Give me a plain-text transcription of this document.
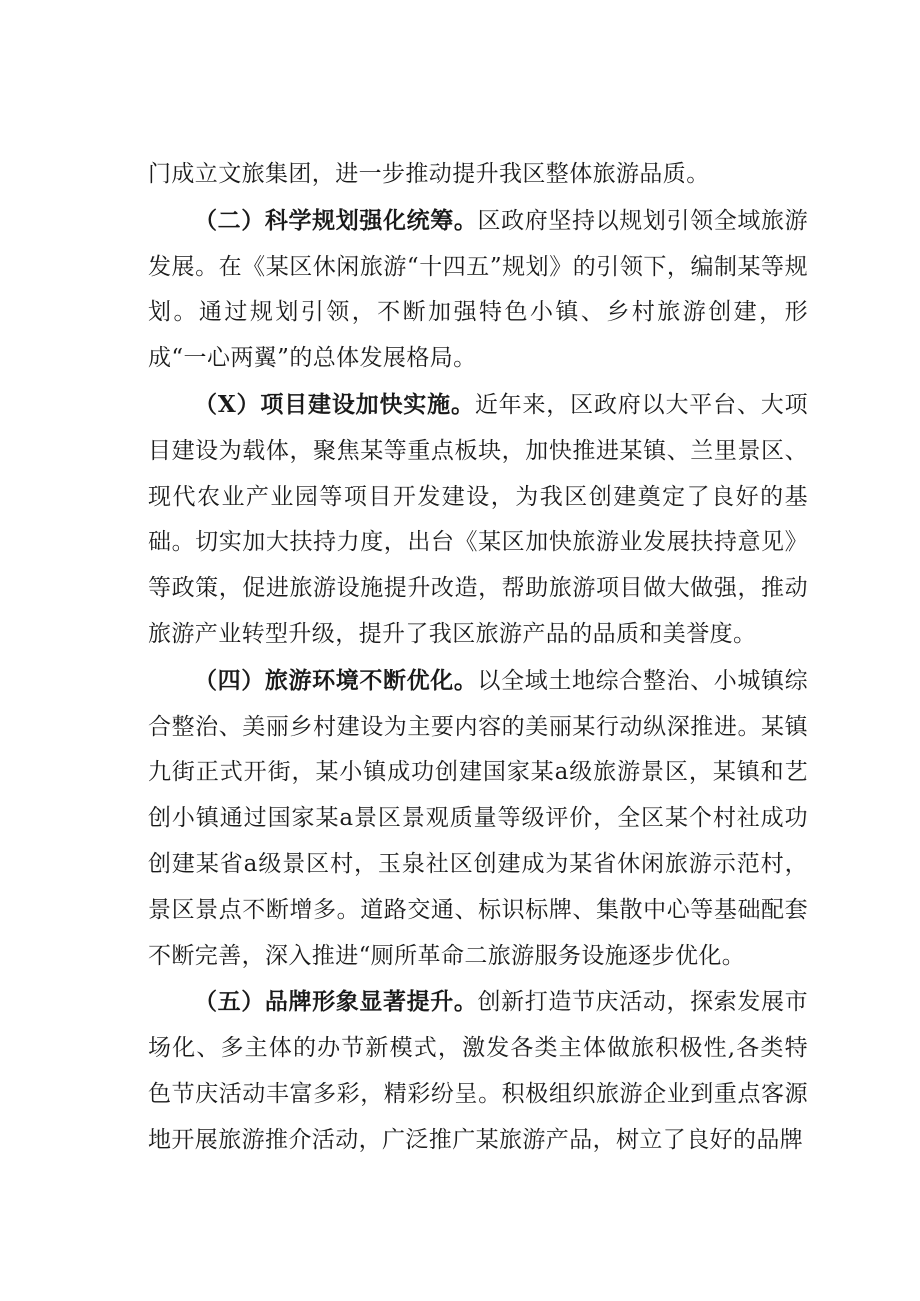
门成立文旅集团，进一步推动提升我区整体旅游品质。

（二）科学规划强化统筹。区政府坚持以规划引领全域旅游发展。在《某区休闲旅游“十四五”规划》的引领下，编制某等规划。通过规划引领，不断加强特色小镇、乡村旅游创建，形成“一心两翼”的总体发展格局。

（X）项目建设加快实施。近年来，区政府以大平台、大项目建设为载体，聚焦某等重点板块，加快推进某镇、兰里景区、现代农业产业园等项目开发建设，为我区创建奠定了良好的基础。切实加大扶持力度，出台《某区加快旅游业发展扶持意见》等政策，促进旅游设施提升改造，帮助旅游项目做大做强，推动旅游产业转型升级，提升了我区旅游产品的品质和美誉度。

（四）旅游环境不断优化。以全域土地综合整治、小城镇综合整治、美丽乡村建设为主要内容的美丽某行动纵深推进。某镇九街正式开街，某小镇成功创建国家某a级旅游景区，某镇和艺创小镇通过国家某a景区景观质量等级评价，全区某个村社成功创建某省a级景区村，玉泉社区创建成为某省休闲旅游示范村，景区景点不断增多。道路交通、标识标牌、集散中心等基础配套不断完善，深入推进“厕所革命二旅游服务设施逐步优化。

（五）品牌形象显著提升。创新打造节庆活动，探索发展市场化、多主体的办节新模式，激发各类主体做旅积极性,各类特色节庆活动丰富多彩，精彩纷呈。积极组织旅游企业到重点客源地开展旅游推介活动，广泛推广某旅游产品，树立了良好的品牌
